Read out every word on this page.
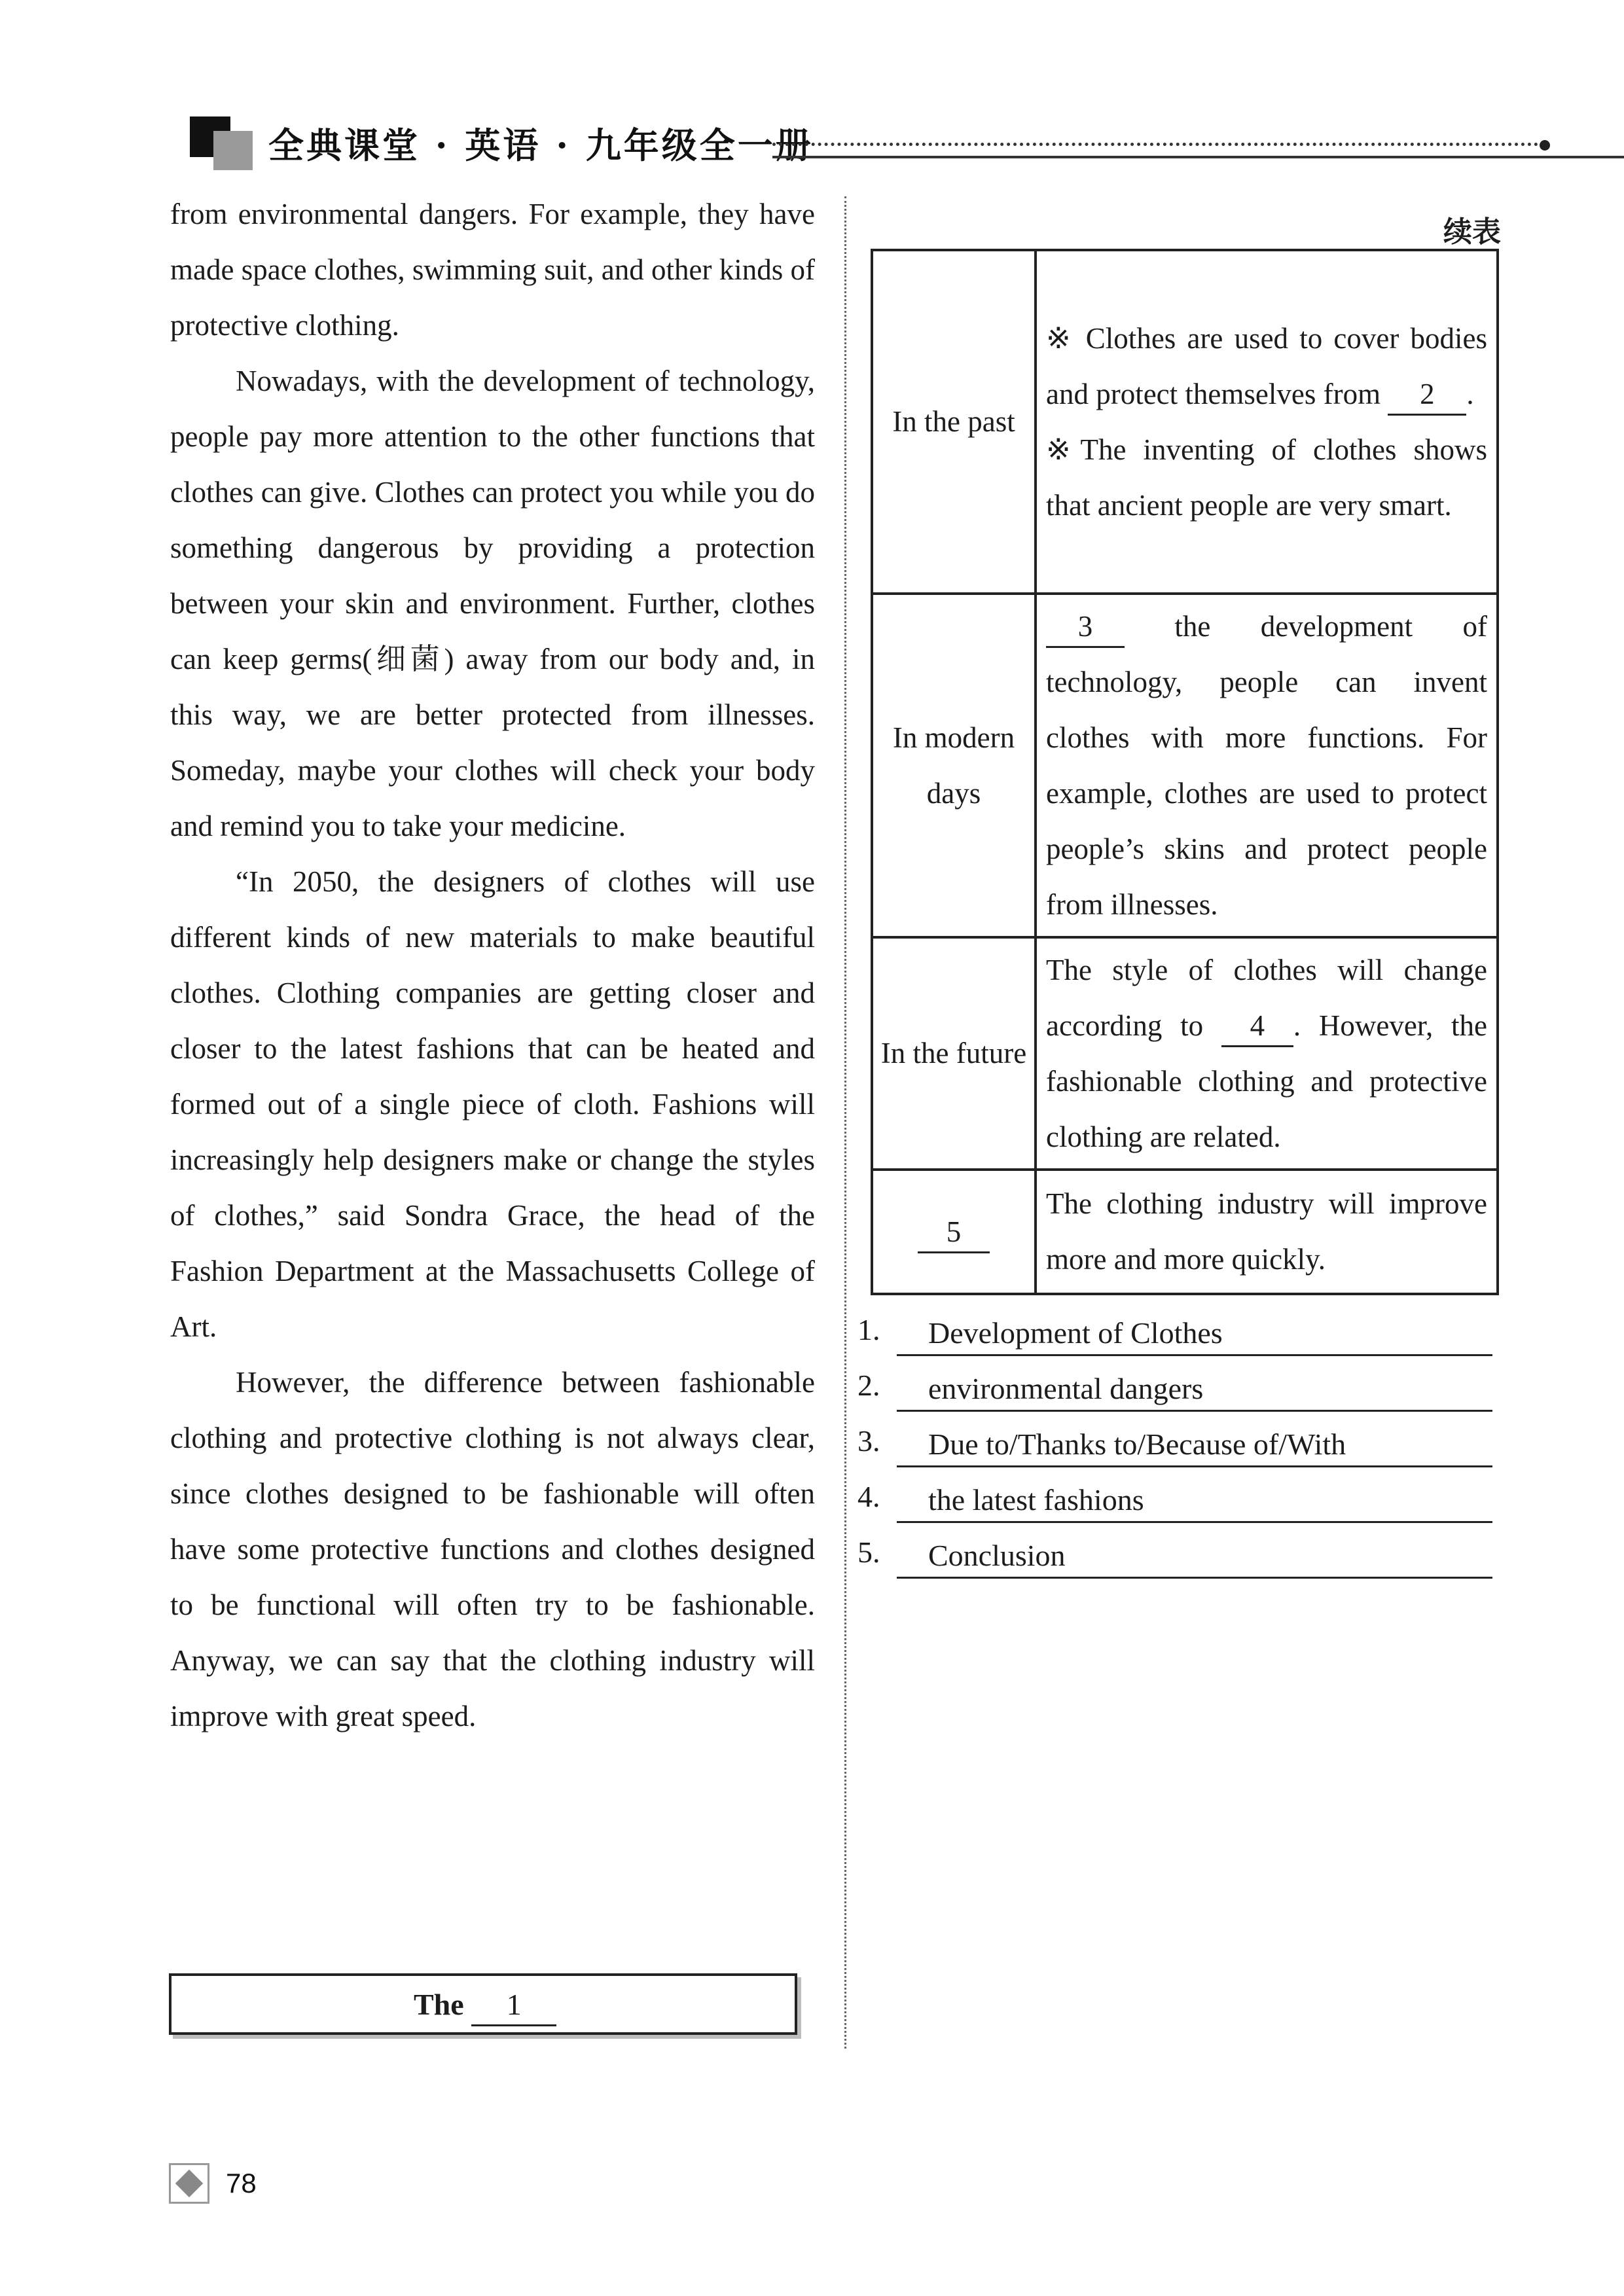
全典课堂 · 英语 · 九年级全一册

from environmental dangers. For example, they have made space clothes, swimming suit, and other kinds of protective clothing.

Nowadays, with the development of technology, people pay more attention to the other functions that clothes can give. Clothes can protect you while you do something dangerous by providing a protection between your skin and environment. Further, clothes can keep germs(细菌) away from our body and, in this way, we are better protected from illnesses. Someday, maybe your clothes will check your body and remind you to take your medicine.

“In 2050, the designers of clothes will use different kinds of new materials to make beautiful clothes. Clothing companies are getting closer and closer to the latest fashions that can be heated and formed out of a single piece of cloth. Fashions will increasingly help designers make or change the styles of clothes,” said Sondra Grace, the head of the Fashion Department at the Massachusetts College of Art.

However, the difference between fashionable clothing and protective clothing is not always clear, since clothes designed to be fashionable will often have some protective functions and clothes designed to be functional will often try to be fashionable. Anyway, we can say that the clothing industry will improve with great speed.

The 1
续表
In the past	※ Clothes are used to cover bodies and protect themselves from 2 .

※The inventing of clothes shows that ancient people are very smart.

In modern days	3 the development of technology, people can invent clothes with more functions. For example, clothes are used to protect people’s skins and protect people from illnesses.
In the future	The style of clothes will change according to 4 . However, the fashionable clothing and protective clothing are related.
5	The clothing industry will improve more and more quickly.
1.	Development of Clothes
2.	environmental dangers
3.	Due to/Thanks to/Because of/With
4.	the latest fashions
5.	Conclusion
78
